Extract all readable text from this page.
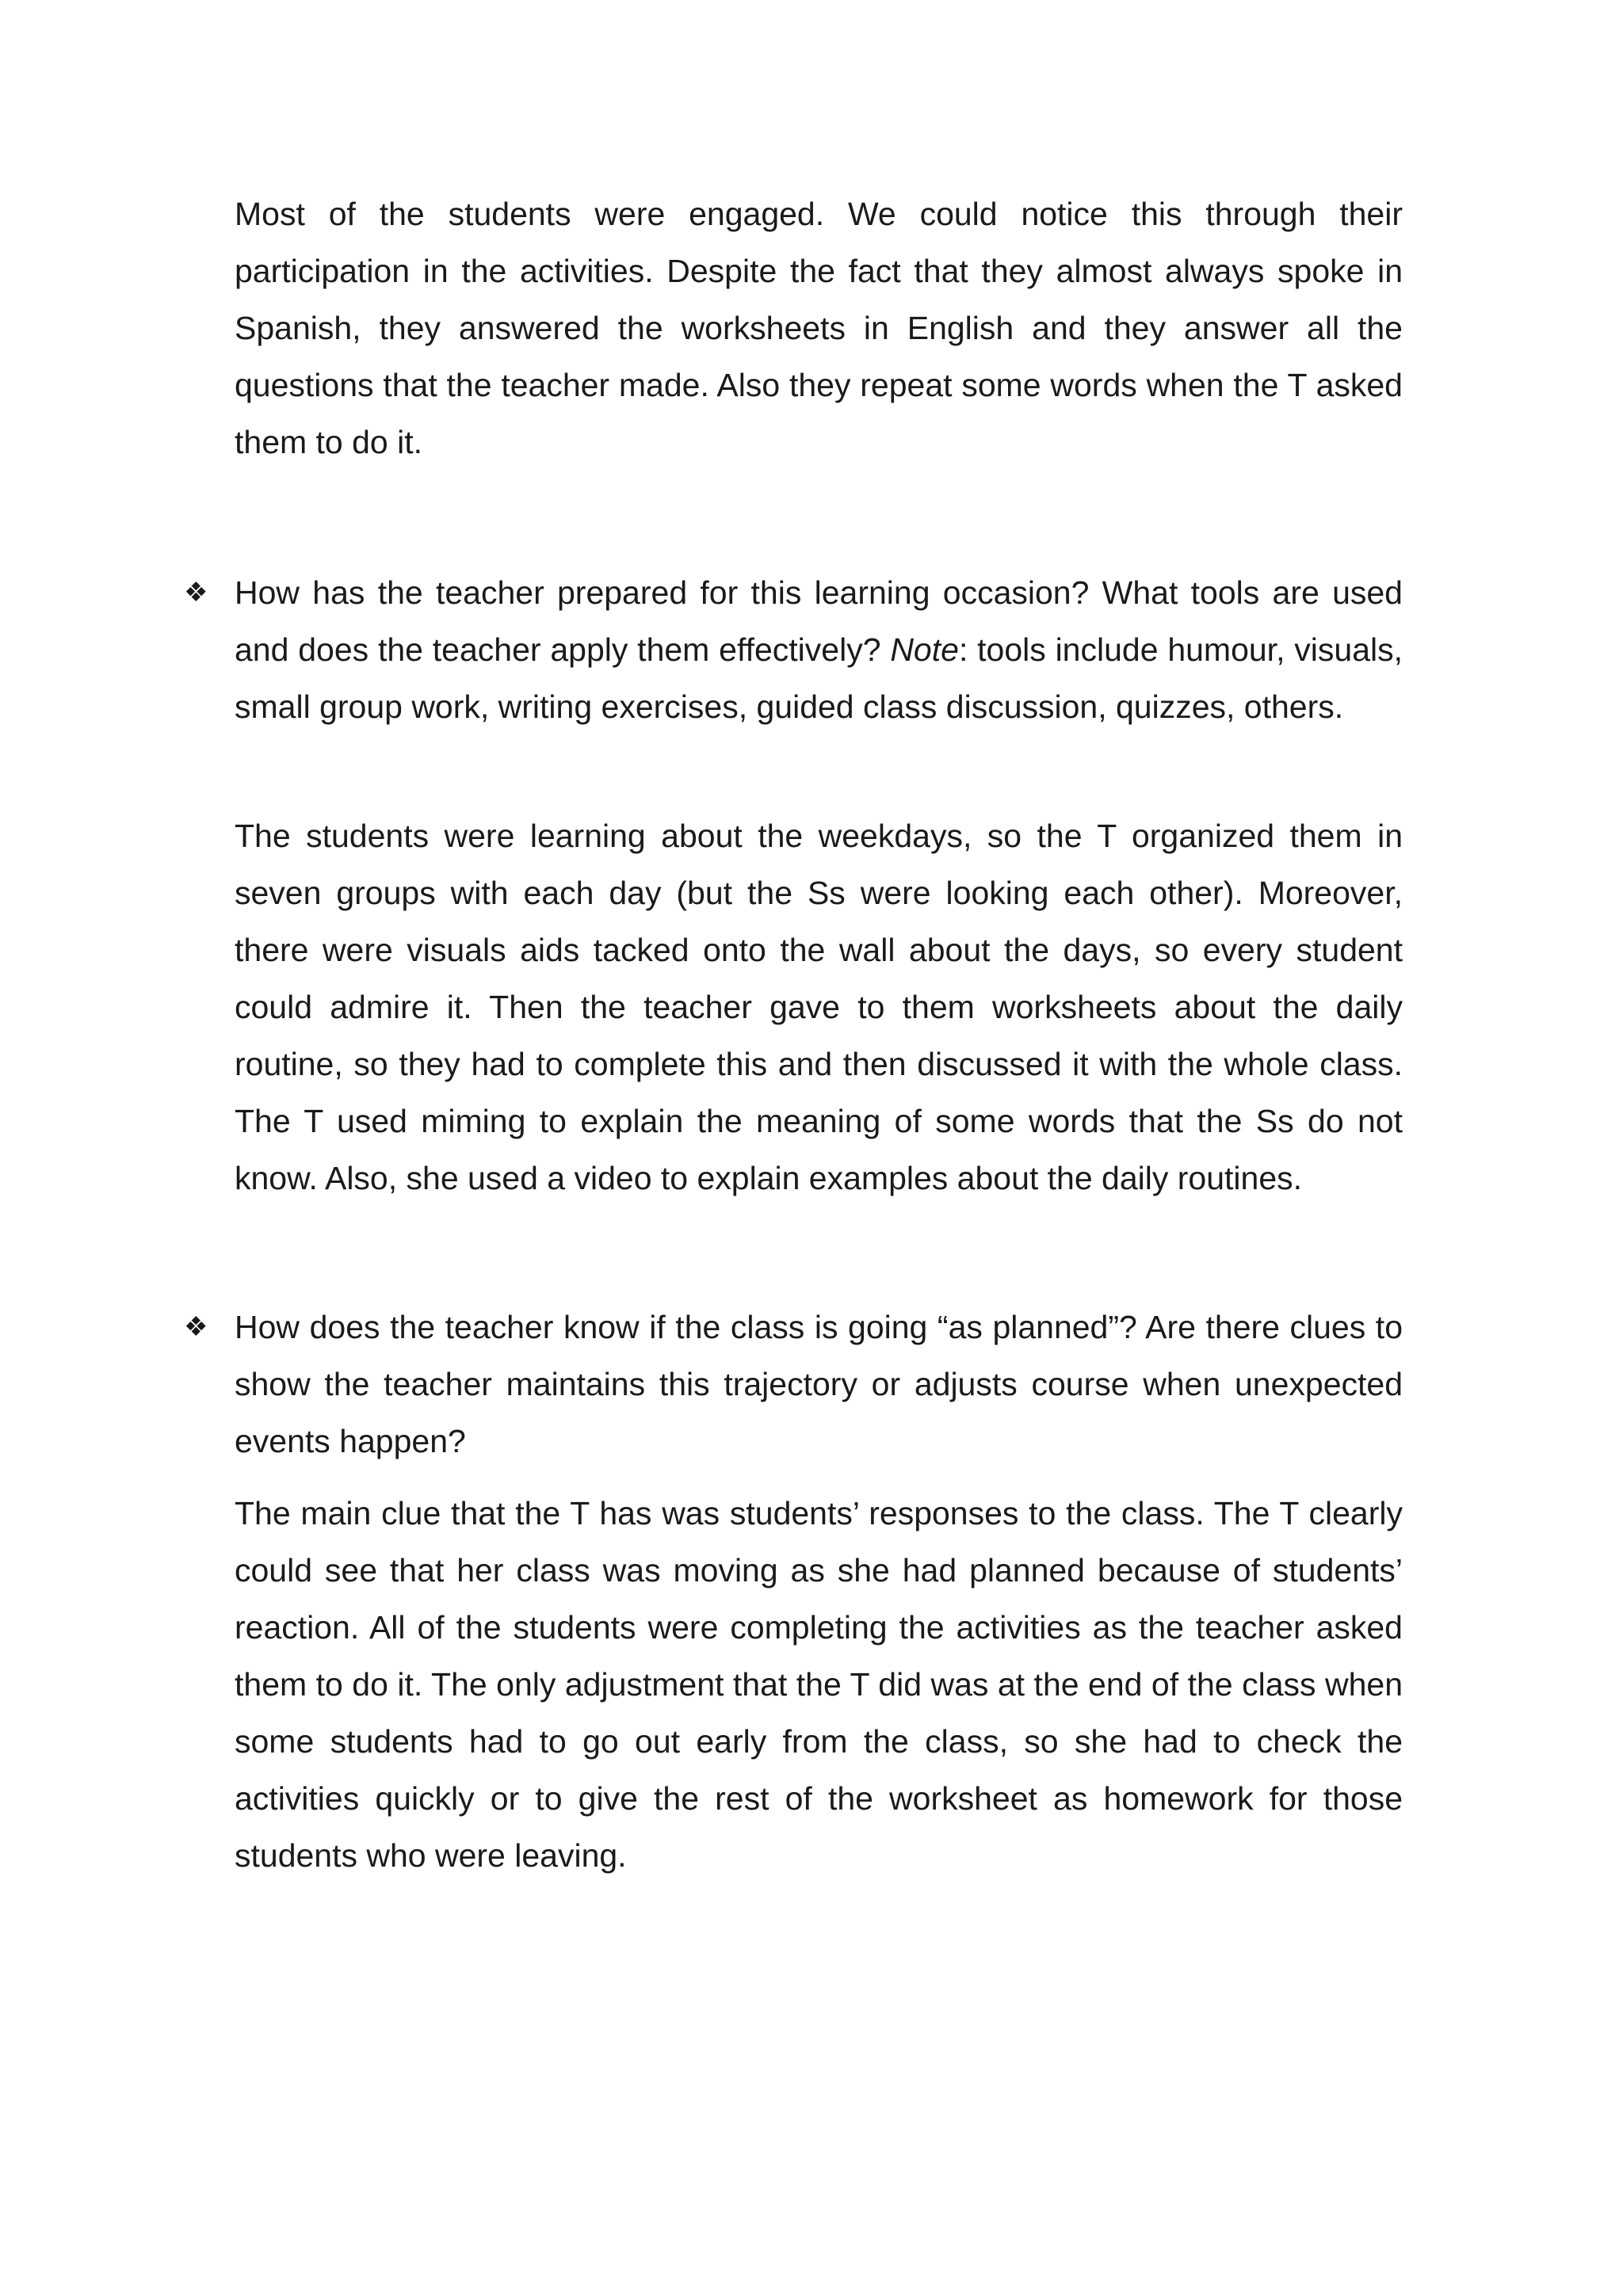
Most of the students were engaged. We could notice this through their participation in the activities. Despite the fact that they almost always spoke in Spanish, they answered the worksheets in English and they answer all the questions that the teacher made. Also they repeat some words when the T asked them to do it.

❖ How has the teacher prepared for this learning occasion? What tools are used and does the teacher apply them effectively? Note: tools include humour, visuals, small group work, writing exercises, guided class discussion, quizzes, others.

The students were learning about the weekdays, so the T organized them in seven groups with each day (but the Ss were looking each other). Moreover, there were visuals aids tacked onto the wall about the days, so every student could admire it. Then the teacher gave to them worksheets about the daily routine, so they had to complete this and then discussed it with the whole class. The T used miming to explain the meaning of some words that the Ss do not know. Also, she used a video to explain examples about the daily routines.

❖ How does the teacher know if the class is going “as planned”? Are there clues to show the teacher maintains this trajectory or adjusts course when unexpected events happen?

The main clue that the T has was students’ responses to the class. The T clearly could see that her class was moving as she had planned because of students’ reaction. All of the students were completing the activities as the teacher asked them to do it. The only adjustment that the T did was at the end of the class when some students had to go out early from the class, so she had to check the activities quickly or to give the rest of the worksheet as homework for those students who were leaving.
